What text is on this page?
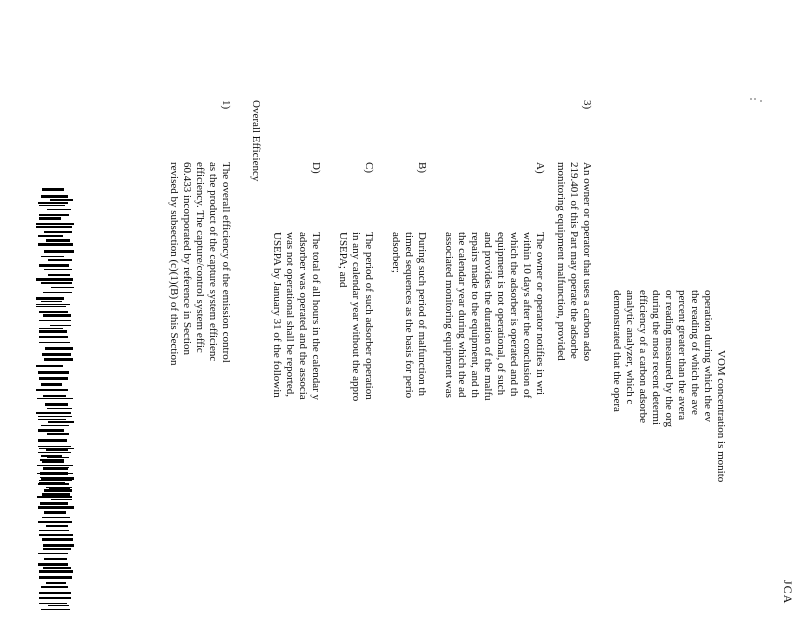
JCA
VOM concentration is monito
operation during which the ev
the reading of which the ave
percent greater than the avera
or reading measured by the org
during the most recent determi
efficiency of a carbon adsorbe
analytic analyzer, which c
demonstrated that the opera
3)
An owner or operator that uses a carbon adso
219.401 of this Part may operate the adsorbe
monitoring equipment malfunction, provided
A)
The owner or operator notifies in wri
within 10 days after the conclusion of
which the adsorber is operated and th
equipment is not operational, of such
and provides the duration of the malfu
repairs made to the equipment, and th
the calendar year during which the ad
associated monitoring equipment was
B)
During such period of malfunction th
timed sequences as the basis for perio
adsorber;
C)
The period of such adsorber operation
in any calendar year without the appro
USEPA; and
D)
The total of all hours in the calendar y
adsorber was operated and the associa
was not operational shall be reported,
USEPA by January 31 of the followin
Overall Efficiency
1)
The overall efficiency of the emission control
as the product of the capture system efficienc
efficiency. The capture/control system effic
60.433 incorporated by reference in Section
revised by subsection (c)(1)(B) of this Section
